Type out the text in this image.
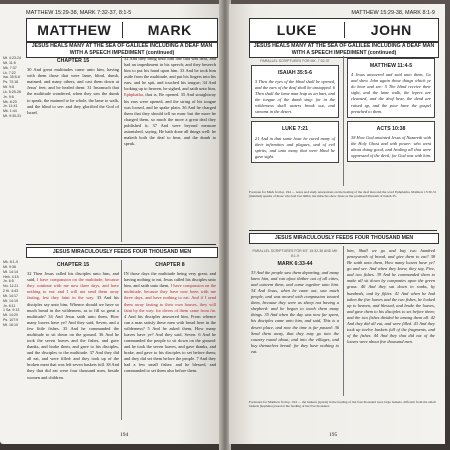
MATTHEW 15:29-38, MARK 7:32-37, 8:1-5
MATTHEW	MARK
JESUS HEALS MANY AT THE SEA OF GALILEE INCLUDING A DEAF MAN WITH A SPEECH IMPEDIMENT (continued)
Mt. 4:23-24
Mt. 11:5
Mk. 7:37
Lk. 7:22
Isa. 35:5-6
Ps. 72:18
Mt. 9:8
Lk. 5:25-26
Jn. 9:6
Mk. 8:23
Jn. 11:41
Mk. 1:44
Mt. 9:30-31
CHAPTER 15
30 And great multitudes came unto him, having with them those that were lame, blind, dumb, maimed, and many others, and cast them down at Jesus' feet; and he healed them: 31 Insomuch that the multitude wondered, when they saw the dumb to speak, the maimed to be whole, the lame to walk, and the blind to see: and they glorified the God of Israel.
32 And they bring unto him one that was deaf, and had an impediment in his speech; and they beseech him to put his hand upon him. 33 And he took him aside from the multitude, and put his fingers into his ears, and he spit, and touched his tongue; 34 And looking up to heaven, he sighed, and saith unto him, Ephphatha, that is, Be opened. 35 And straightway his ears were opened, and the string of his tongue was loosed, and he spake plain. 36 And he charged them that they should tell no man: but the more he charged them, so much the more a great deal they published it; 37 And were beyond measure astonished, saying, He hath done all things well: he maketh both the deaf to hear, and the dumb to speak.
JESUS MIRACULOUSLY FEEDS FOUR THOUSAND MEN
Mk. 8:1-9
Mt. 9:36
Mt. 14:14
Heb. 4:15
Jn. 6:5
Nu. 11:21
2 Ki. 4:43
Mt. 14:17
Mt. 14:19
Jn. 6:11
1 Sa. 9:13
Mt. 14:20
Ps. 107:9
Mt. 16:10
CHAPTER 15
32 Then Jesus called his disciples unto him, and said, I have compassion on the multitude, because they continue with me now three days, and have nothing to eat: and I will not send them away fasting, lest they faint in the way. 33 And his disciples say unto him, Whence should we have so much bread in the wilderness, as to fill so great a multitude? 34 And Jesus saith unto them, How many loaves have ye? And they said, Seven, and a few little fishes. 35 And he commanded the multitude to sit down on the ground. 36 And he took the seven loaves and the fishes, and gave thanks, and brake them, and gave to his disciples, and the disciples to the multitude. 37 And they did all eat, and were filled: and they took up of the broken meat that was left seven baskets full. 38 And they that did eat were four thousand men, beside women and children.
CHAPTER 8
IN those days the multitude being very great, and having nothing to eat, Jesus called his disciples unto him, and saith unto them, I have compassion on the multitude, because they have now been with me three days, and have nothing to eat: And if I send them away fasting to their own houses, they will faint by the way: for divers of them came from far. 4 And his disciples answered him, From whence can a man satisfy these men with bread here in the wilderness? 5 And he asked them, How many loaves have ye? And they said, Seven. 6 And he commanded the people to sit down on the ground: and he took the seven loaves, and gave thanks, and brake, and gave to his disciples to set before them; and they did set them before the people. 7 And they had a few small fishes: and he blessed, and commanded to set them also before them.
194
MATTHEW 15:29-38, MARK 8:1-9
LUKE	JOHN
JESUS HEALS MANY AT THE SEA OF GALILEE INCLUDING A DEAF MAN WITH A SPEECH IMPEDIMENT (continued)
PARALLEL SCRIPTURES FOR MK. 7:32-37
ISAIAH 35:5-6
5 Then the eyes of the blind shall be opened, and the ears of the deaf shall be unstopped. 6 Then shall the lame man leap as an hart, and the tongue of the dumb sing: for in the wilderness shall waters break out, and streams in the desert.
LUKE 7:21
21 And in that same hour he cured many of their infirmities and plagues, and of evil spirits; and unto many that were blind he gave sight.
MATTHEW 11:4-5
4 Jesus answered and said unto them, Go and shew John again those things which ye do hear and see: 5 The blind receive their sight, and the lame walk, the lepers are cleansed, and the deaf hear, the dead are raised up, and the poor have the gospel preached to them.
ACTS 10:38
38 How God anointed Jesus of Nazareth with the Holy Ghost and with power: who went about doing good, and healing all that were oppressed of the devil; for God was with him.
Footnote for Mark from p. 194 — notes and study annotations on the healing of the deaf man and the word Ephphatha. Matthew 15:30-31 (maimed) speaks of those who had lost limbs; the miracles show Jesus as the promised Messiah of Isaiah 35.
JESUS MIRACULOUSLY FEEDS FOUR THOUSAND MEN
PARALLEL SCRIPTURES FOR MT. 15:32-38 AND MK 8:1-9
MARK 6:33-44
33 And the people saw them departing, and many knew him, and ran afoot thither out of all cities, and outwent them, and came together unto him. 34 And Jesus, when he came out, saw much people, and was moved with compassion toward them, because they were as sheep not having a shepherd: and he began to teach them many things. 35 And when the day was now far spent, his disciples came unto him, and said, This is a desert place, and now the time is far passed: 36 Send them away, that they may go into the country round about, and into the villages, and buy themselves bread: for they have nothing to eat.
him, Shall we go and buy two hundred pennyworth of bread, and give them to eat? 38 He saith unto them, How many loaves have ye? go and see. And when they knew, they say, Five, and two fishes. 39 And he commanded them to make all sit down by companies upon the green grass. 40 And they sat down in ranks, by hundreds, and by fifties. 41 And when he had taken the five loaves and the two fishes, he looked up to heaven, and blessed, and brake the loaves, and gave them to his disciples to set before them; and the two fishes divided he among them all. 42 And they did all eat, and were filled. 43 And they took up twelve baskets full of the fragments, and of the fishes. 44 And they that did eat of the loaves were about five thousand men.
Footnotes for Matthew from p. 194 — the baskets (spuris) in the feeding of the four thousand were large baskets, different from the small baskets (kophinos) used at the feeding of the five thousand.
195
